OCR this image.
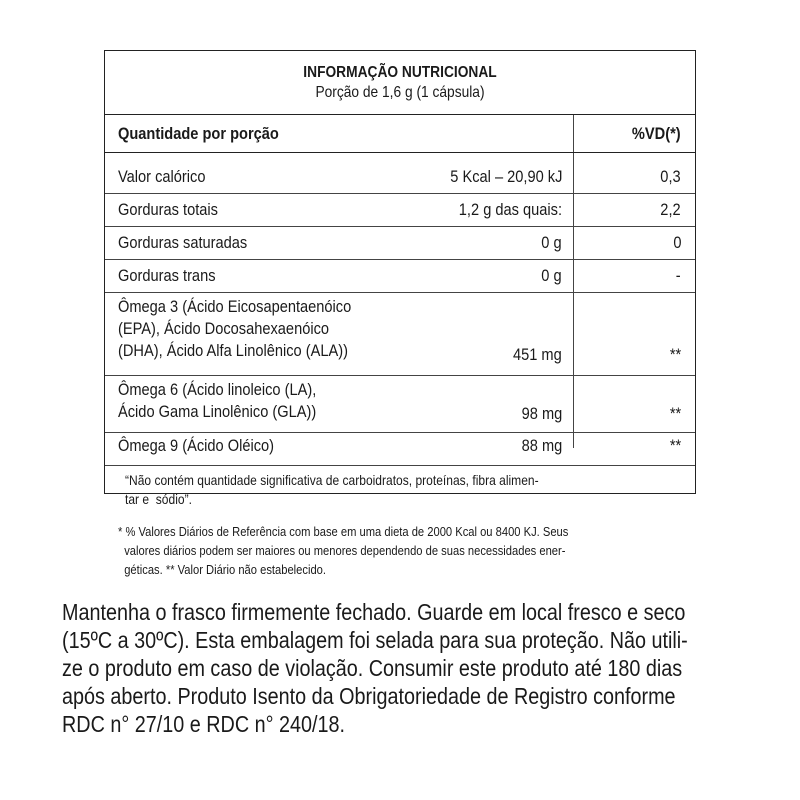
INFORMAÇÃO NUTRICIONAL
Porção de 1,6 g (1 cápsula)
Quantidade por porção	%VD(*)
Valor calórico	5 Kcal – 20,90 kJ	0,3
Gorduras totais	1,2 g das quais:	2,2
Gorduras saturadas	0 g	0
Gorduras trans	0 g	-
Ômega 3 (Ácido Eicosapentaenóico
(EPA), Ácido Docosahexaenóico
(DHA), Ácido Alfa Linolênico (ALA))	451 mg	**
Ômega 6 (Ácido linoleico (LA),
Ácido Gama Linolênico (GLA))	98 mg	**
Ômega 9 (Ácido Oléico)	88 mg	**
“Não contém quantidade significativa de carboidratos, proteínas, fibra alimen-
tar e  sódio”.
* % Valores Diários de Referência com base em uma dieta de 2000 Kcal ou 8400 KJ. Seus
valores diários podem ser maiores ou menores dependendo de suas necessidades ener-
géticas. ** Valor Diário não estabelecido.
Mantenha o frasco firmemente fechado. Guarde em local fresco e seco
(15ºC a 30ºC). Esta embalagem foi selada para sua proteção. Não utili-
ze o produto em caso de violação. Consumir este produto até 180 dias
após aberto. Produto Isento da Obrigatoriedade de Registro conforme
RDC n° 27/10 e RDC n° 240/18.
